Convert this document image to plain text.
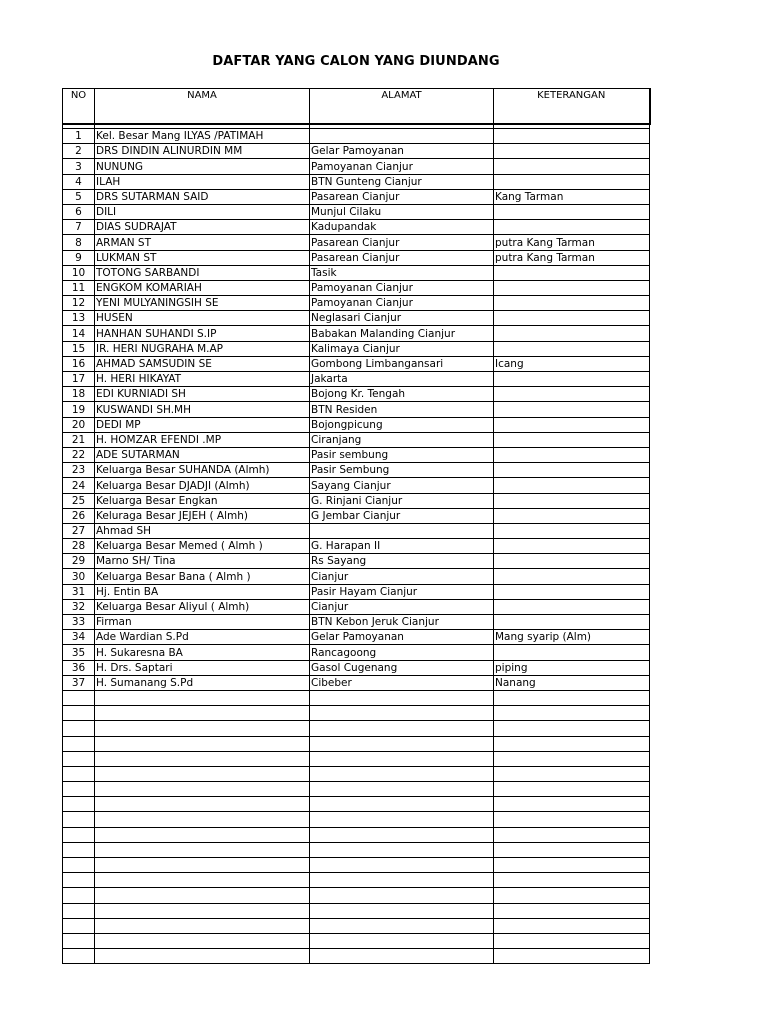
DAFTAR YANG CALON YANG DIUNDANG
NO	NAMA	ALAMAT	KETERANGAN

1	Kel. Besar Mang ILYAS /PATIMAH		
2	DRS DINDIN ALINURDIN MM	Gelar Pamoyanan	
3	NUNUNG	Pamoyanan Cianjur	
4	ILAH	BTN Gunteng Cianjur	
5	DRS SUTARMAN SAID	Pasarean Cianjur	Kang Tarman
6	DILI	Munjul Cilaku	
7	DIAS SUDRAJAT	Kadupandak	
8	ARMAN ST	Pasarean Cianjur	putra Kang Tarman
9	LUKMAN ST	Pasarean Cianjur	putra Kang Tarman
10	TOTONG SARBANDI	Tasik	
11	ENGKOM KOMARIAH	Pamoyanan Cianjur	
12	YENI MULYANINGSIH SE	Pamoyanan Cianjur	
13	HUSEN	Neglasari Cianjur	
14	HANHAN SUHANDI S.IP	Babakan Malanding Cianjur	
15	IR. HERI NUGRAHA M.AP	Kalimaya Cianjur	
16	AHMAD SAMSUDIN SE	Gombong Limbangansari	Icang
17	H. HERI HIKAYAT	Jakarta	
18	EDI KURNIADI SH	Bojong Kr. Tengah	
19	KUSWANDI SH.MH	BTN Residen	
20	DEDI MP	Bojongpicung	
21	H. HOMZAR EFENDI .MP	Ciranjang	
22	ADE SUTARMAN	Pasir sembung	
23	Keluarga Besar SUHANDA (Almh)	Pasir Sembung	
24	Keluarga Besar DJADJI (Almh)	Sayang Cianjur	
25	Keluarga Besar Engkan	G. Rinjani Cianjur	
26	Keluraga Besar JEJEH ( Almh)	G Jembar Cianjur	
27	Ahmad SH		
28	Keluarga Besar Memed ( Almh )	G. Harapan II	
29	Marno SH/ Tina	Rs Sayang	
30	Keluarga Besar Bana ( Almh )	Cianjur	
31	Hj. Entin BA	Pasir Hayam Cianjur	
32	Keluarga Besar Aliyul ( Almh)	Cianjur	
33	Firman	BTN Kebon Jeruk Cianjur	
34	Ade Wardian S.Pd	Gelar Pamoyanan	Mang syarip (Alm)
35	H. Sukaresna BA	Rancagoong	
36	H. Drs. Saptari	Gasol Cugenang	piping
37	H. Sumanang S.Pd	Cibeber	Nanang
